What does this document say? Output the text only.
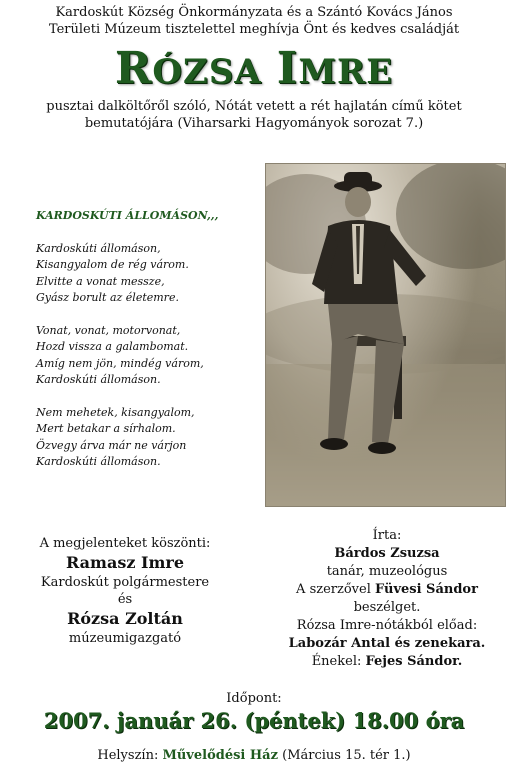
Kardoskút Község Önkormányzata és a Szántó Kovács János
Területi Múzeum tisztelettel meghívja Önt és kedves családját
RÓZSA IMRE
pusztai dalköltőről szóló, Nótát vetett a rét hajlatán című kötet
bemutatójára (Viharsarki Hagyományok sorozat 7.)
KARDOSKÚTI ÁLLOMÁSON,,,
Kardoskúti állomáson,
Kisangyalom de rég várom.
Elvitte a vonat messze,
Gyász borult az életemre.
Vonat, vonat, motorvonat,
Hozd vissza a galambomat.
Amíg nem jön, mindég várom,
Kardoskúti állomáson.
Nem mehetek, kisangyalom,
Mert betakar a sírhalom.
Özvegy árva már ne várjon
Kardoskúti állomáson.
A megjelenteket köszönti:
Ramasz Imre
Kardoskút polgármestere
és
Rózsa Zoltán
múzeumigazgató
Írta:
Bárdos Zsuzsa
tanár, muzeológus
A szerzővel Füvesi Sándor
beszélget.
Rózsa Imre-nótákból előad:
Labozár Antal és zenekara.
Énekel: Fejes Sándor.
Időpont:
2007. január 26. (péntek) 18.00 óra
Helyszín: Művelődési Ház (Március 15. tér 1.)
